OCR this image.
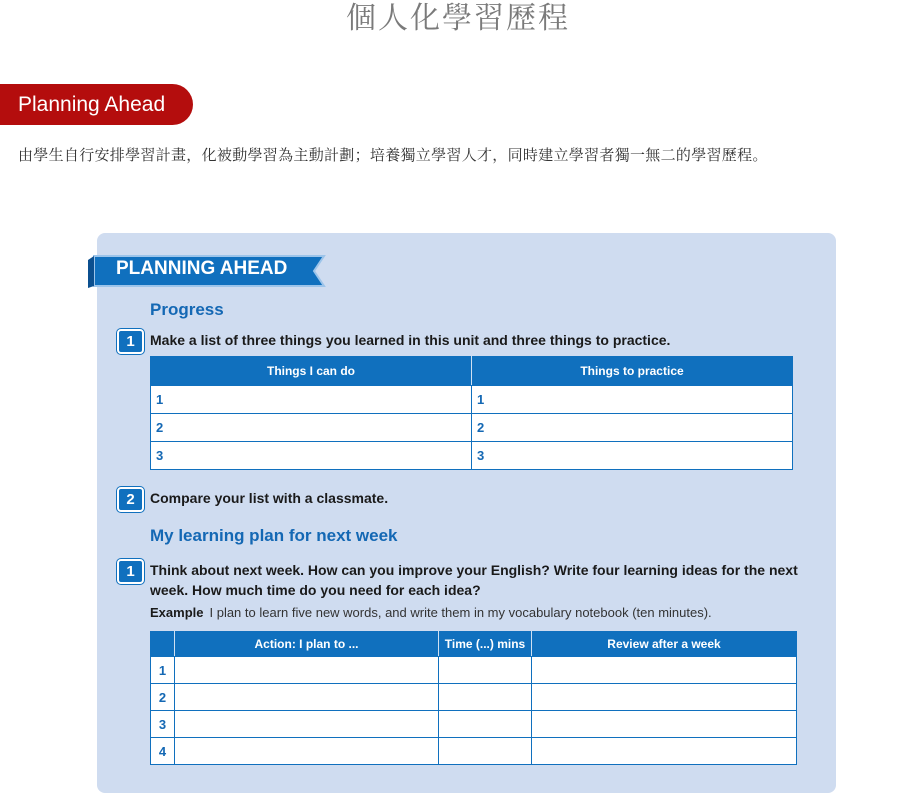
個人化學習歷程
Planning Ahead
由學生自行安排學習計畫，化被動學習為主動計劃；培養獨立學習人才，同時建立學習者獨一無二的學習歷程。
PLANNING AHEAD
Progress
1	Make a list of three things you learned in this unit and three things to practice.
Things I can do	Things to practice
1	1
2	2
3	3
2	Compare your list with a classmate.
My learning plan for next week
1	Think about next week. How can you improve your English? Write four learning ideas for the next
week. How much time do you need for each idea?
Example I plan to learn five new words, and write them in my vocabulary notebook (ten minutes).
	Action: I plan to ...	Time (...) mins	Review after a week
1			
2			
3			
4			
